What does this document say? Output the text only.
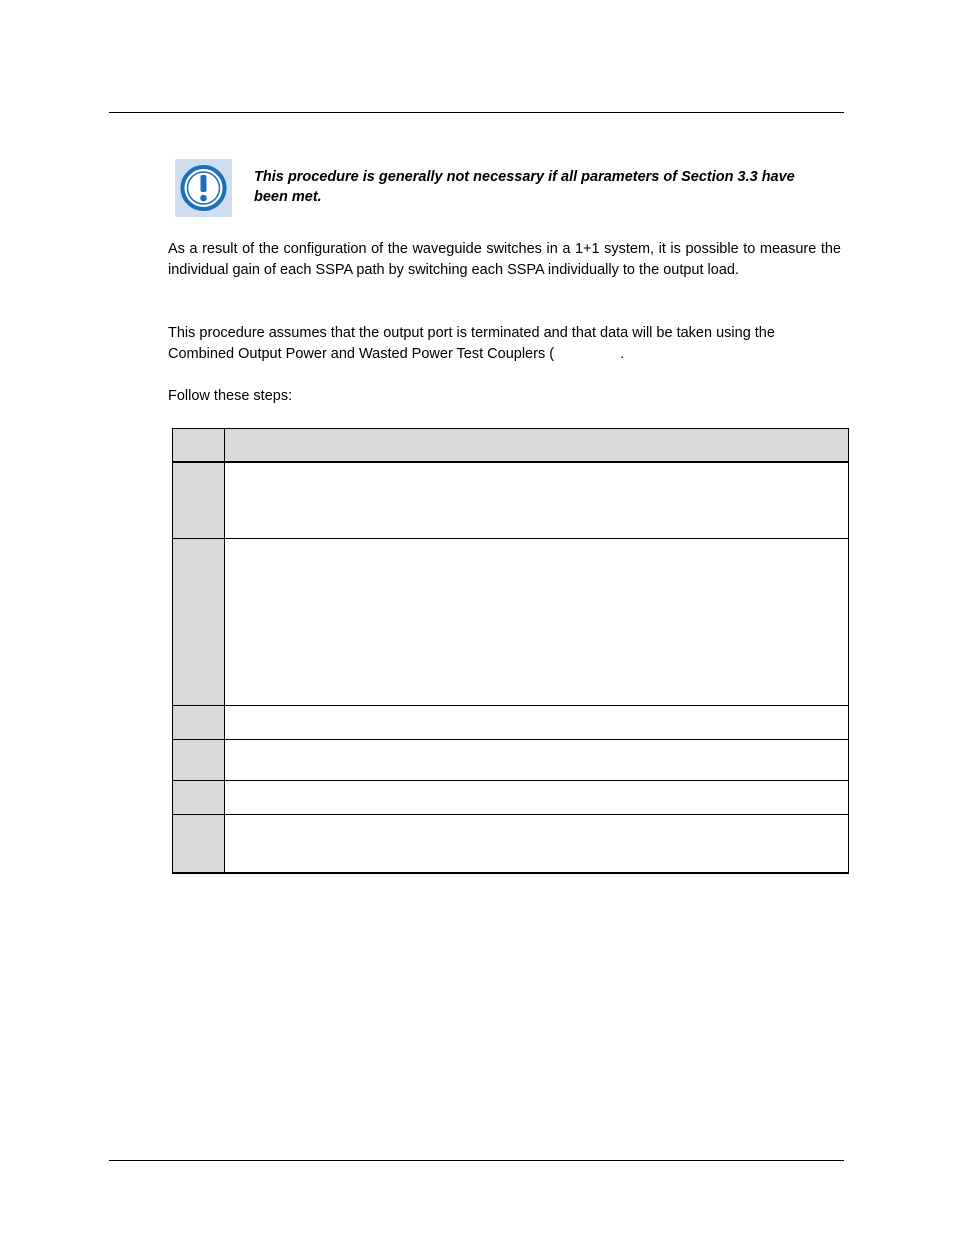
This procedure is generally not necessary if all parameters of Section 3.3 have been met.
As a result of the configuration of the waveguide switches in a 1+1 system, it is possible to measure the individual gain of each SSPA path by switching each SSPA individually to the output load.
This procedure assumes that the output port is terminated and that data will be taken using the
Combined Output Power and Wasted Power Test Couplers (	.
Follow these steps:
